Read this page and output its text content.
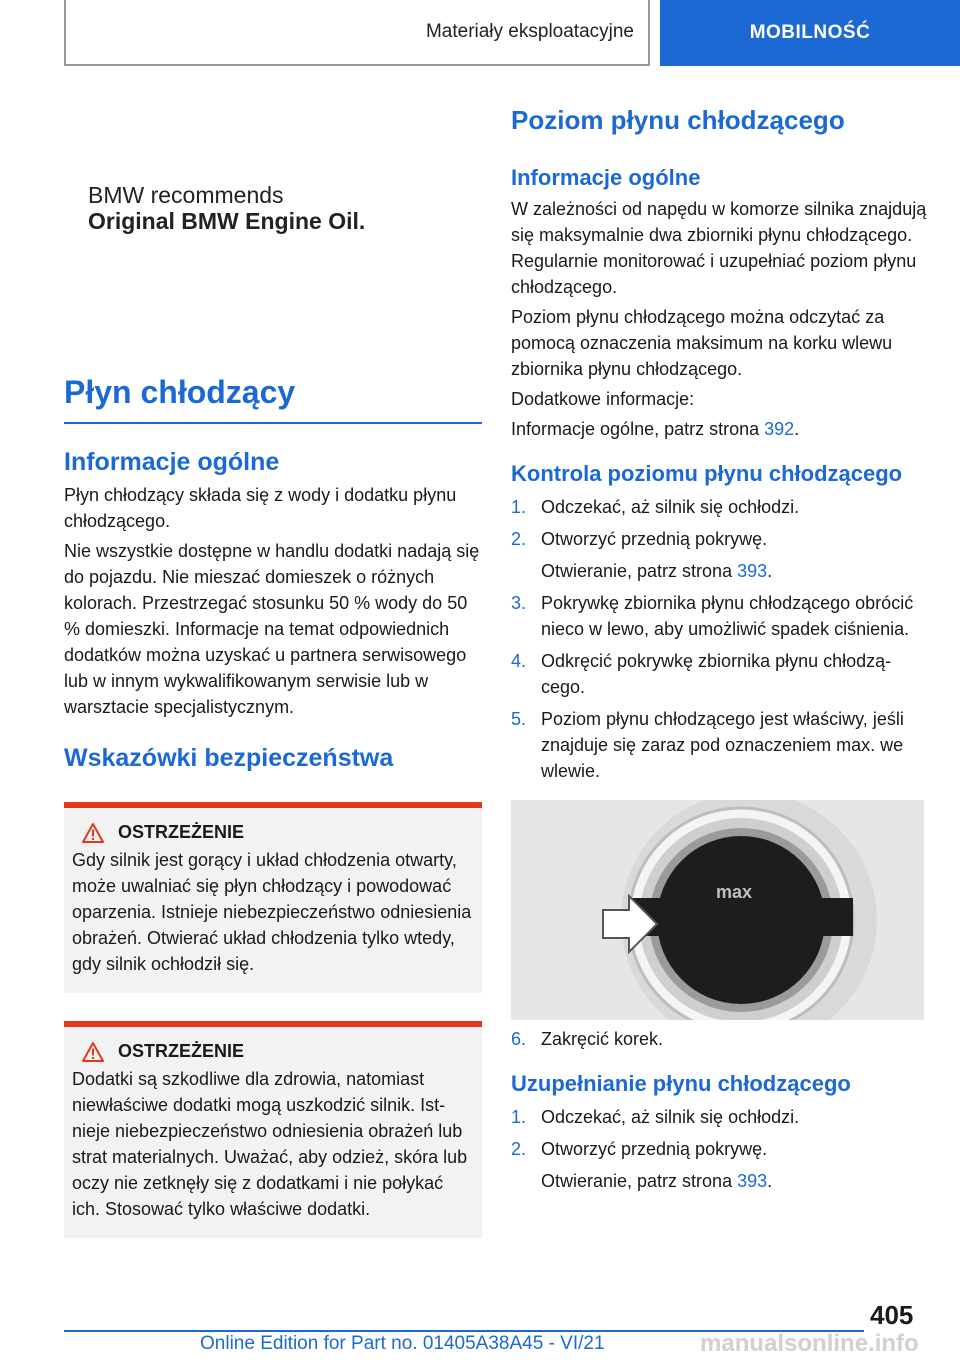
Materiały eksploatacyjne	MOBILNOŚĆ
BMW recommends

Original BMW Engine Oil.
Płyn chłodzący
Informacje ogólne

Płyn chłodzący składa się z wody i dodatku płynu chłodzącego.

Nie wszystkie dostępne w handlu dodatki nadają się do pojazdu. Nie mieszać domieszek o różnych kolorach. Przestrzegać stosunku 50 % wody do 50 % domieszki. Informacje na temat odpowiednich dodatków można uzyskać u partnera serwisowego lub w innym wykwalifikowanym serwisie lub w warsztacie specjalistycznym.

Wskazówki bezpieczeństwa
OSTRZEŻENIE

Gdy silnik jest gorący i układ chłodzenia otwarty, może uwalniać się płyn chłodzący i powodować oparzenia. Istnieje niebezpieczeństwo odniesienia obrażeń. Otwierać układ chłodzenia tylko wtedy, gdy silnik ochłodził się.

OSTRZEŻENIE

Dodatki są szkodliwe dla zdrowia, natomiast niewłaściwe dodatki mogą uszkodzić silnik. Istnieje niebezpieczeństwo odniesienia obrażeń lub strat materialnych. Uważać, aby odzież, skóra lub oczy nie zetknęły się z dodatkami i nie połykać ich. Stosować tylko właściwe dodatki.

Poziom płynu chłodzącego
Informacje ogólne

W zależności od napędu w komorze silnika znajdują się maksymalnie dwa zbiorniki płynu chłodzącego. Regularnie monitorować i uzupełniać poziom płynu chłodzącego.

Poziom płynu chłodzącego można odczytać za pomocą oznaczenia maksimum na korku wlewu zbiornika płynu chłodzącego.

Dodatkowe informacje:

Informacje ogólne, patrz strona 392.

Kontrola poziomu płynu chłodzącego
1. Odczekać, aż silnik się ochłodzi.
2. Otworzyć przednią pokrywę.
Otwieranie, patrz strona 393.
3. Pokrywkę zbiornika płynu chłodzącego obrócić nieco w lewo, aby umożliwić spadek ciśnienia.
4. Odkręcić pokrywkę zbiornika płynu chłodzącego.
5. Poziom płynu chłodzącego jest właściwy, jeśli znajduje się zaraz pod oznaczeniem max. we wlewie.
max
6. Zakręcić korek.
Uzupełnianie płynu chłodzącego
1. Odczekać, aż silnik się ochłodzi.
2. Otworzyć przednią pokrywę.
Otwieranie, patrz strona 393.
405
manualsonline.info
Online Edition for Part no. 01405A38A45 - VI/21
